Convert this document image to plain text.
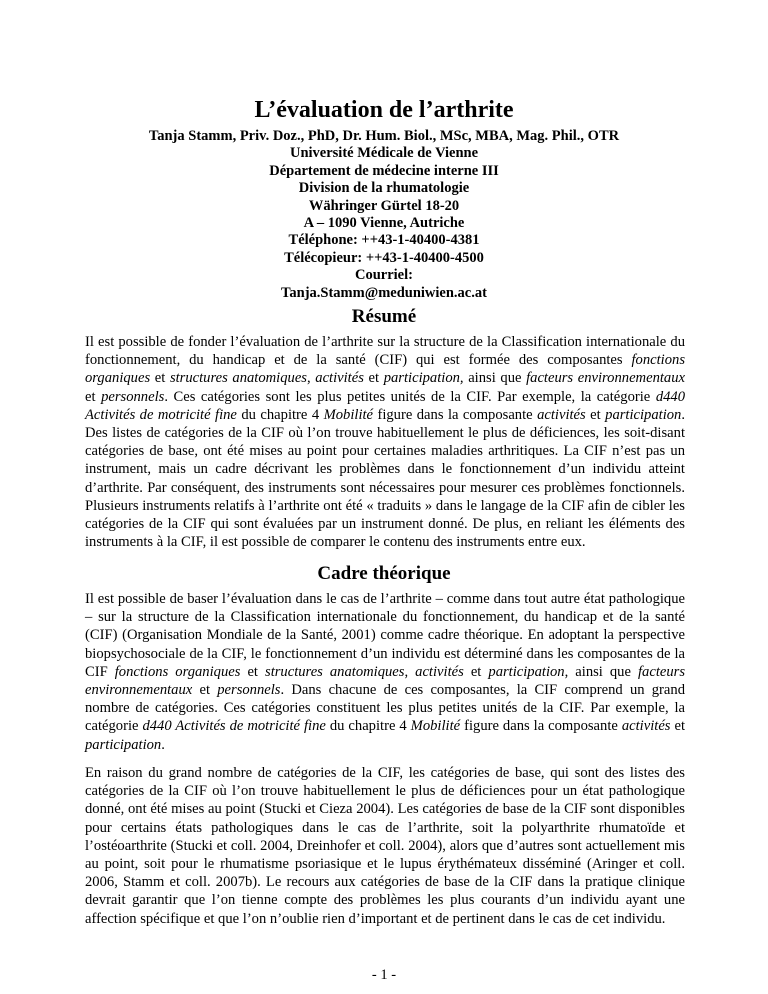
L’évaluation de l’arthrite
Tanja Stamm, Priv. Doz., PhD, Dr. Hum. Biol., MSc, MBA, Mag. Phil., OTR
Université Médicale de Vienne
Département de médecine interne III
Division de la rhumatologie
Währinger Gürtel 18-20
A – 1090 Vienne, Autriche
Téléphone: ++43-1-40400-4381
Télécopieur: ++43-1-40400-4500
Courriel:
Tanja.Stamm@meduniwien.ac.at
Résumé
Il est possible de fonder l’évaluation de l’arthrite sur la structure de la Classification internationale du fonctionnement, du handicap et de la santé (CIF) qui est formée des composantes fonctions organiques et structures anatomiques, activités et participation, ainsi que facteurs environnementaux et personnels. Ces catégories sont les plus petites unités de la CIF. Par exemple, la catégorie d440 Activités de motricité fine du chapitre 4 Mobilité figure dans la composante activités et participation. Des listes de catégories de la CIF où l’on trouve habituellement le plus de déficiences, les soit-disant catégories de base, ont été mises au point pour certaines maladies arthritiques. La CIF n’est pas un instrument, mais un cadre décrivant les problèmes dans le fonctionnement d’un individu atteint d’arthrite. Par conséquent, des instruments sont nécessaires pour mesurer ces problèmes fonctionnels. Plusieurs instruments relatifs à l’arthrite ont été « traduits » dans le langage de la CIF afin de cibler les catégories de la CIF qui sont évaluées par un instrument donné. De plus, en reliant les éléments des instruments à la CIF, il est possible de comparer le contenu des instruments entre eux.
Cadre théorique
Il est possible de baser l’évaluation dans le cas de l’arthrite – comme dans tout autre état pathologique – sur la structure de la Classification internationale du fonctionnement, du handicap et de la santé (CIF) (Organisation Mondiale de la Santé, 2001) comme cadre théorique. En adoptant la perspective biopsychosociale de la CIF, le fonctionnement d’un individu est déterminé dans les composantes de la CIF fonctions organiques et structures anatomiques, activités et participation, ainsi que facteurs environnementaux et personnels. Dans chacune de ces composantes, la CIF comprend un grand nombre de catégories. Ces catégories constituent les plus petites unités de la CIF. Par exemple, la catégorie d440 Activités de motricité fine du chapitre 4 Mobilité figure dans la composante activités et participation.
En raison du grand nombre de catégories de la CIF, les catégories de base, qui sont des listes des catégories de la CIF où l’on trouve habituellement le plus de déficiences pour un état pathologique donné, ont été mises au point (Stucki et Cieza 2004). Les catégories de base de la CIF sont disponibles pour certains états pathologiques dans le cas de l’arthrite, soit la polyarthrite rhumatoïde et l’ostéoarthrite (Stucki et coll. 2004, Dreinhofer et coll. 2004), alors que d’autres sont actuellement mis au point, soit pour le rhumatisme psoriasique et le lupus érythémateux disséminé (Aringer et coll. 2006, Stamm et coll. 2007b). Le recours aux catégories de base de la CIF dans la pratique clinique devrait garantir que l’on tienne compte des problèmes les plus courants d’un individu ayant une affection spécifique et que l’on n’oublie rien d’important et de pertinent dans le cas de cet individu.
- 1 -
